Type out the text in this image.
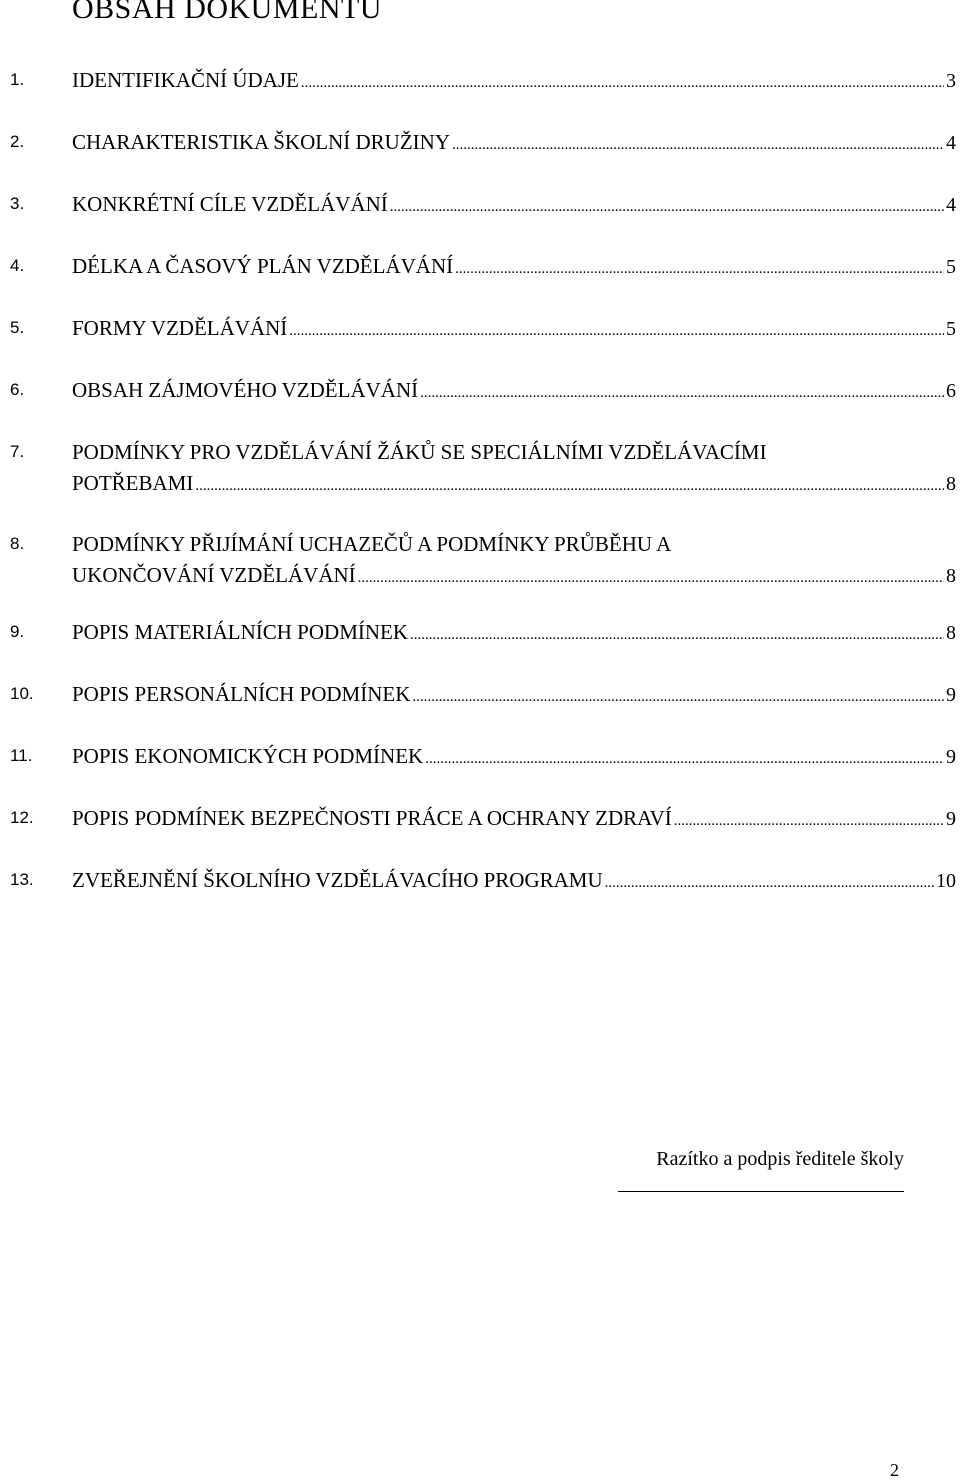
OBSAH DOKUMENTU
1. IDENTIFIKAČNÍ ÚDAJE .....	3
2. CHARAKTERISTIKA ŠKOLNÍ DRUŽINY .....	4
3. KONKRÉTNÍ CÍLE VZDĚLÁVÁNÍ .....	4
4. DÉLKA A ČASOVÝ PLÁN VZDĚLÁVÁNÍ .....	5
5. FORMY VZDĚLÁVÁNÍ .....	5
6. OBSAH ZÁJMOVÉHO VZDĚLÁVÁNÍ .....	6
7. PODMÍNKY PRO VZDĚLÁVÁNÍ ŽÁKŮ SE SPECIÁLNÍMI VZDĚLÁVACÍMI
POTŘEBAMI .....	8
8. PODMÍNKY PŘIJÍMÁNÍ UCHAZEČŮ A PODMÍNKY PRŮBĚHU A
UKONČOVÁNÍ VZDĚLÁVÁNÍ .....	8
9. POPIS MATERIÁLNÍCH PODMÍNEK .....	8
10. POPIS PERSONÁLNÍCH PODMÍNEK .....	9
11. POPIS EKONOMICKÝCH PODMÍNEK .....	9
12. POPIS PODMÍNEK BEZPEČNOSTI PRÁCE A OCHRANY ZDRAVÍ .....	9
13. ZVEŘEJNĚNÍ ŠKOLNÍHO VZDĚLÁVACÍHO PROGRAMU .....	10
Razítko a podpis ředitele školy
2
